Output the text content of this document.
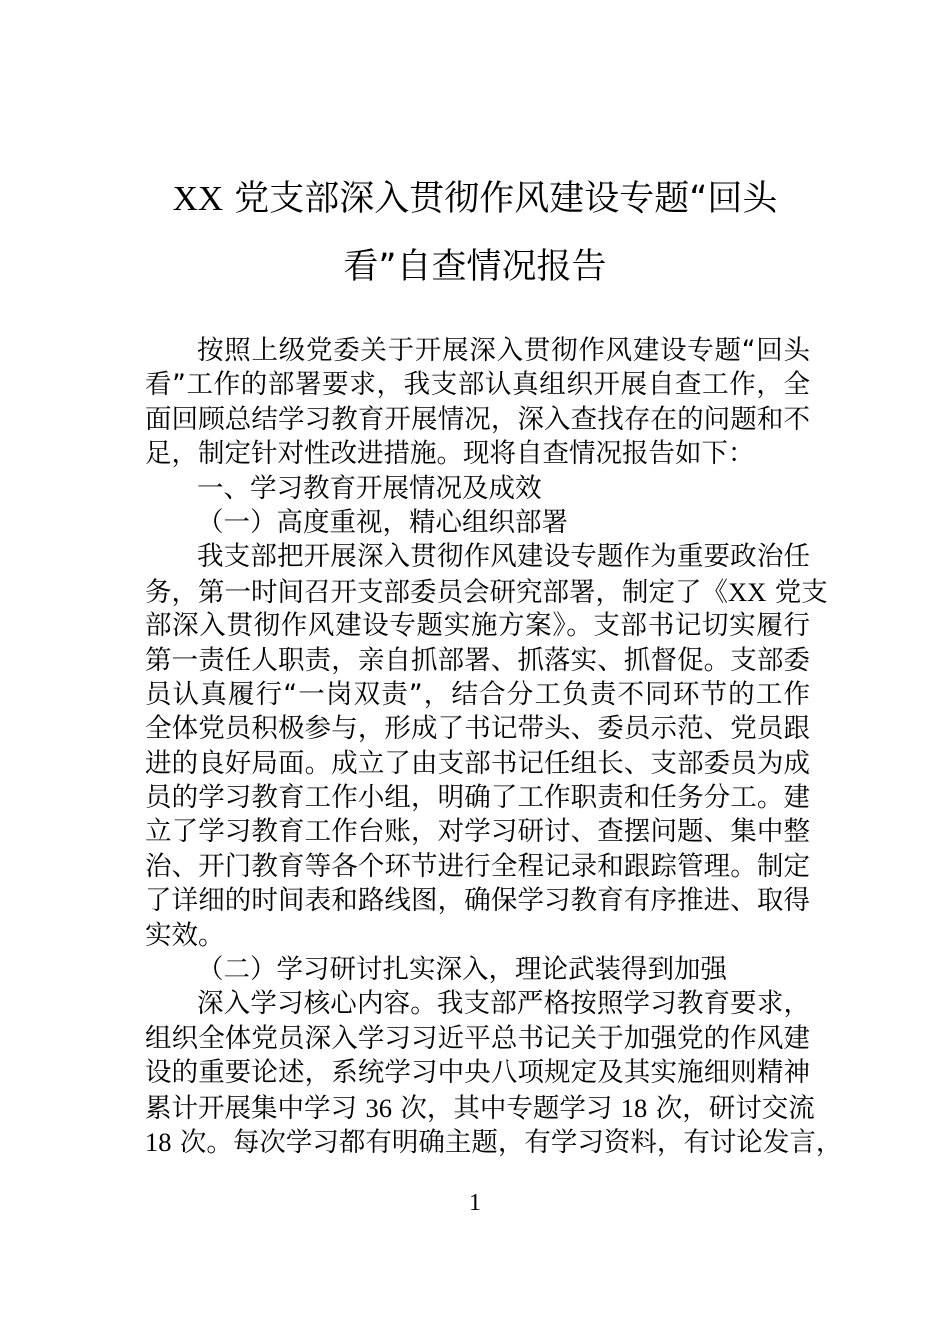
XX 党支部深入贯彻作风建设专题“回头
看”自查情况报告
按照上级党委关于开展深入贯彻作风建设专题“回头
看”工作的部署要求，我支部认真组织开展自查工作，全
面回顾总结学习教育开展情况，深入查找存在的问题和不
足，制定针对性改进措施。现将自查情况报告如下：
一、学习教育开展情况及成效
（一）高度重视，精心组织部署
我支部把开展深入贯彻作风建设专题作为重要政治任
务，第一时间召开支部委员会研究部署，制定了《XX 党支
部深入贯彻作风建设专题实施方案》。支部书记切实履行
第一责任人职责，亲自抓部署、抓落实、抓督促。支部委
员认真履行“一岗双责”，结合分工负责不同环节的工作
全体党员积极参与，形成了书记带头、委员示范、党员跟
进的良好局面。成立了由支部书记任组长、支部委员为成
员的学习教育工作小组，明确了工作职责和任务分工。建
立了学习教育工作台账，对学习研讨、查摆问题、集中整
治、开门教育等各个环节进行全程记录和跟踪管理。制定
了详细的时间表和路线图，确保学习教育有序推进、取得
实效。
（二）学习研讨扎实深入，理论武装得到加强
深入学习核心内容。我支部严格按照学习教育要求，
组织全体党员深入学习习近平总书记关于加强党的作风建
设的重要论述，系统学习中央八项规定及其实施细则精神
累计开展集中学习 36 次，其中专题学习 18 次，研讨交流
18 次。每次学习都有明确主题，有学习资料，有讨论发言，
1
